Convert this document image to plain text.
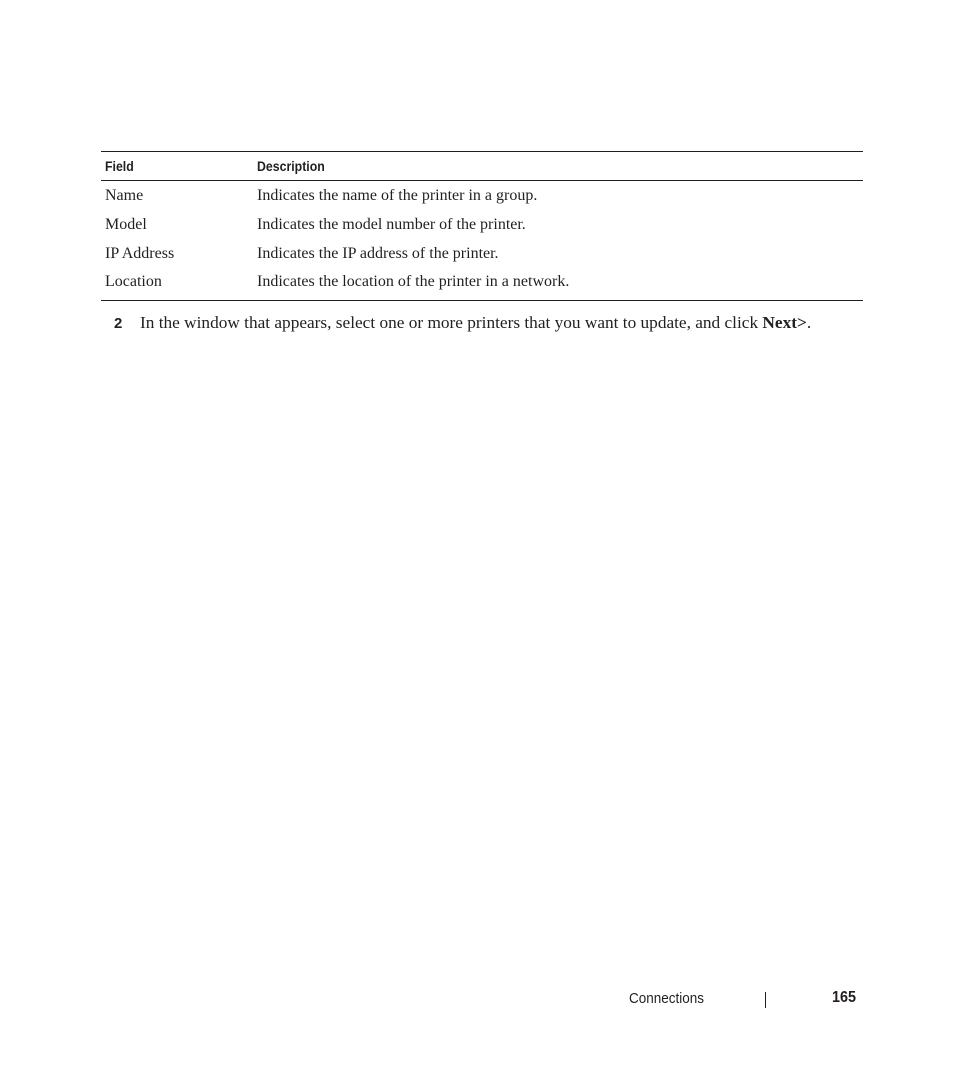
Field	Description
Name	Indicates the name of the printer in a group.
Model	Indicates the model number of the printer.
IP Address	Indicates the IP address of the printer.
Location	Indicates the location of the printer in a network.
2	In the window that appears, select one or more printers that you want to update, and click Next>.
Connections	165
